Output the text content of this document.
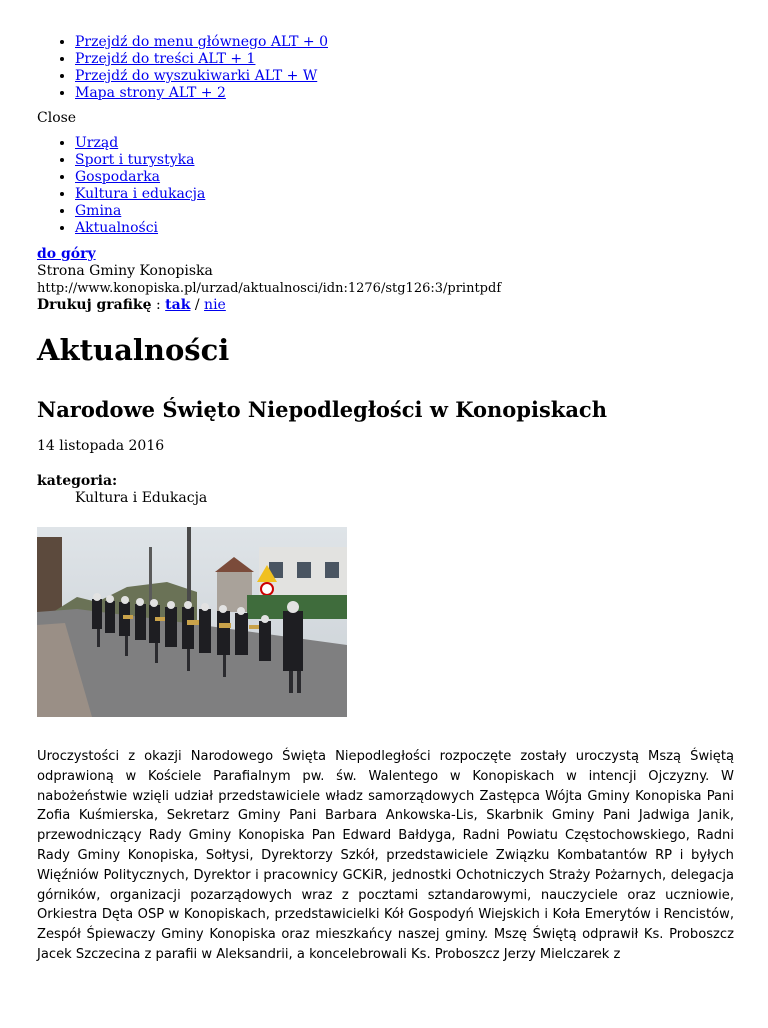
• Przejdź do menu głównego ALT + 0
• Przejdź do treści ALT + 1
• Przejdź do wyszukiwarki ALT + W
• Mapa strony ALT + 2
Close
• Urząd
• Sport i turystyka
• Gospodarka
• Kultura i edukacja
• Gmina
• Aktualności
do góry
Strona Gminy Konopiska
http://www.konopiska.pl/urzad/aktualnosci/idn:1276/stg126:3/printpdf
Drukuj grafikę : tak / nie
Aktualności
Narodowe Święto Niepodległości w Konopiskach
14 listopada 2016
kategoria:
Kultura i Edukacja
Uroczystości z okazji Narodowego Święta Niepodległości rozpoczęte zostały uroczystą Mszą Świętą odprawioną w Kościele Parafialnym pw. św. Walentego w Konopiskach w intencji Ojczyzny. W nabożeństwie wzięli udział przedstawiciele władz samorządowych Zastępca Wójta Gminy Konopiska Pani Zofia Kuśmierska, Sekretarz Gminy Pani Barbara Ankowska-Lis, Skarbnik Gminy Pani Jadwiga Janik, przewodniczący Rady Gminy Konopiska Pan Edward Bałdyga, Radni Powiatu Częstochowskiego, Radni Rady Gminy Konopiska, Sołtysi, Dyrektorzy Szkół, przedstawiciele Związku Kombatantów RP i byłych Więźniów Politycznych, Dyrektor i pracownicy GCKiR, jednostki Ochotniczych Straży Pożarnych, delegacja górników, organizacji pozarządowych wraz z pocztami sztandarowymi, nauczyciele oraz uczniowie, Orkiestra Dęta OSP w Konopiskach, przedstawicielki Kół Gospodyń Wiejskich i Koła Emerytów i Rencistów, Zespół Śpiewaczy Gminy Konopiska oraz mieszkańcy naszej gminy. Mszę Świętą odprawił Ks. Proboszcz Jacek Szczecina z parafii w Aleksandrii, a koncelebrowali Ks. Proboszcz Jerzy Mielczarek z
